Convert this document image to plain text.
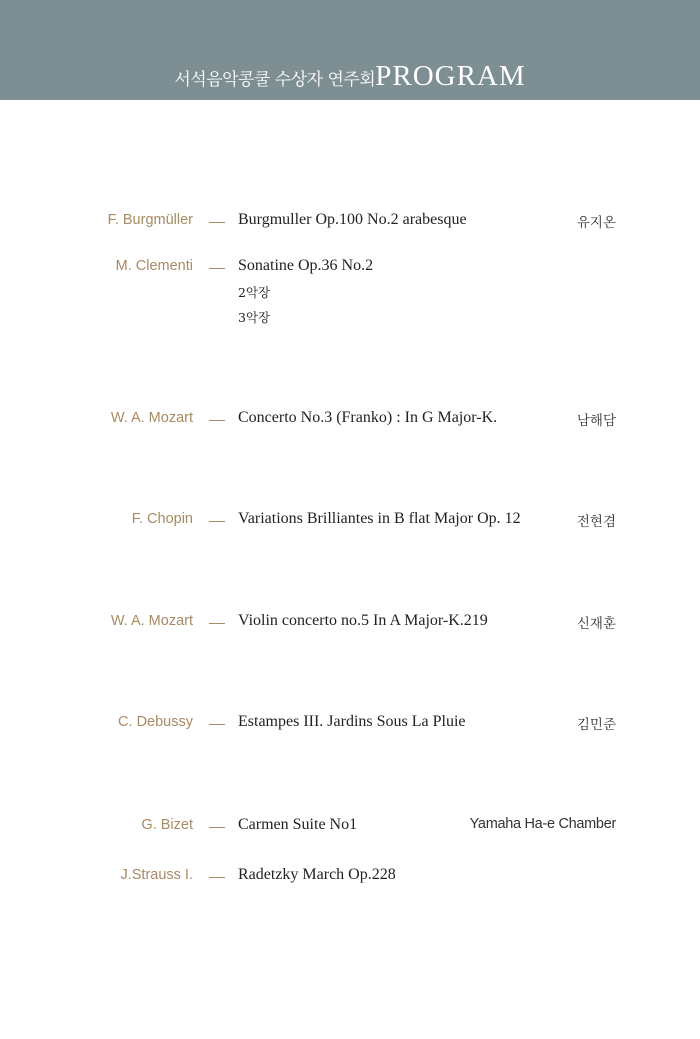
서석음악콩쿨 수상자 연주회PROGRAM
F. Burgmüller	Burgmuller Op.100 No.2 arabesque	유지온
M. Clementi	Sonatine Op.36 No.2
2악장
3악장
W. A. Mozart	Concerto No.3 (Franko) : In G Major-K.	남해담
F. Chopin	Variations Brilliantes in B flat Major Op. 12	전현겸
W. A. Mozart	Violin concerto no.5 In A Major-K.219	신재훈
C. Debussy	Estampes III. Jardins Sous La Pluie	김민준
G. Bizet	Carmen Suite No1	Yamaha Ha-e Chamber
J.Strauss I.	Radetzky March Op.228
